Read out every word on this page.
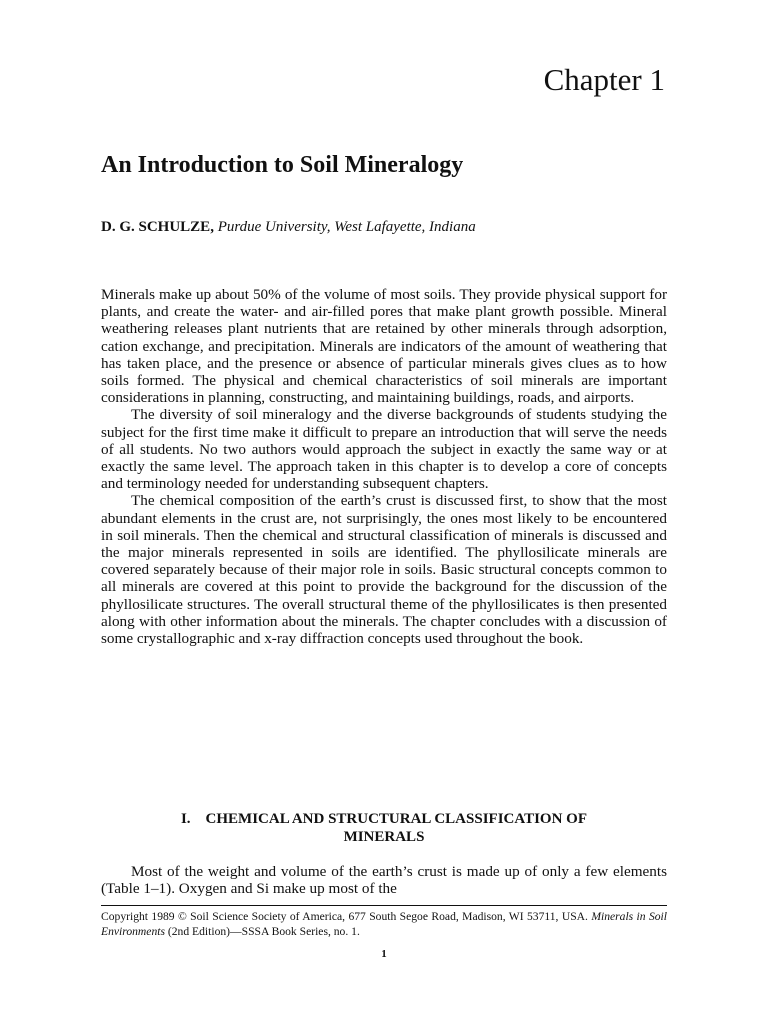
Chapter 1
An Introduction to Soil Mineralogy

D. G. SCHULZE, Purdue University, West Lafayette, Indiana

Minerals make up about 50% of the volume of most soils. They provide physical support for plants, and create the water- and air-filled pores that make plant growth possible. Mineral weathering releases plant nutrients that are retained by other minerals through adsorption, cation exchange, and precipitation. Minerals are indicators of the amount of weathering that has taken place, and the presence or absence of particular minerals gives clues as to how soils formed. The physical and chemical characteristics of soil minerals are important considerations in planning, constructing, and maintaining buildings, roads, and airports.

The diversity of soil mineralogy and the diverse backgrounds of students studying the subject for the first time make it difficult to prepare an introduction that will serve the needs of all students. No two authors would approach the subject in exactly the same way or at exactly the same level. The approach taken in this chapter is to develop a core of concepts and terminology needed for understanding subsequent chapters.

The chemical composition of the earth’s crust is discussed first, to show that the most abundant elements in the crust are, not surprisingly, the ones most likely to be encountered in soil minerals. Then the chemical and structural classification of minerals is discussed and the major minerals represented in soils are identified. The phyllosilicate minerals are covered separately because of their major role in soils. Basic structural concepts common to all minerals are covered at this point to provide the background for the discussion of the phyllosilicate structures. The overall structural theme of the phyllosilicates is then presented along with other information about the minerals. The chapter concludes with a discussion of some crystallographic and x-ray diffraction concepts used throughout the book.

I. CHEMICAL AND STRUCTURAL CLASSIFICATION OF
MINERALS

Most of the weight and volume of the earth’s crust is made up of only a few elements (Table 1–1). Oxygen and Si make up most of the

Copyright 1989 © Soil Science Society of America, 677 South Segoe Road, Madison, WI 53711, USA. Minerals in Soil Environments (2nd Edition)—SSSA Book Series, no. 1.
1
